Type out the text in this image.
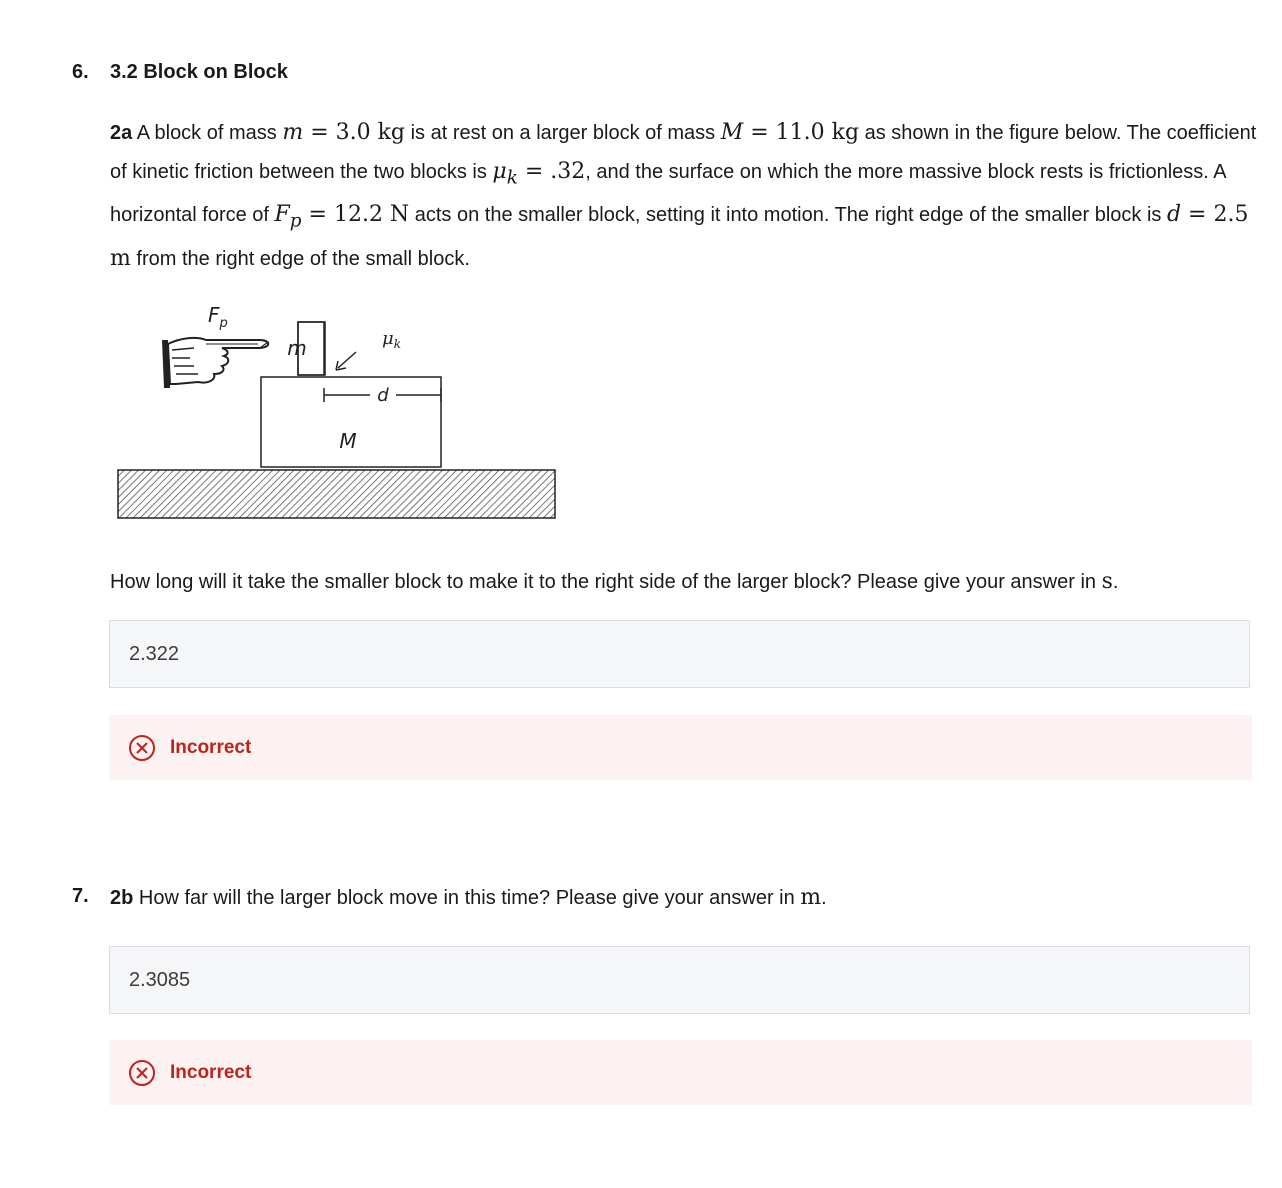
6. 3.2 Block on Block
2a A block of mass m = 3.0 kg is at rest on a larger block of mass M = 11.0 kg as shown in the figure below. The coefficient of kinetic friction between the two blocks is $\mu_k = .32$, and the surface on which the more massive block rests is frictionless. A horizontal force of $F_p = 12.2$ N acts on the smaller block, setting it into motion. The right edge of the smaller block is d = 2.5 m from the right edge of the small block.
M
m
$F_p$
$\mu_k$
d
How long will it take the smaller block to make it to the right side of the larger block? Please give your answer in s.
2.322
Incorrect
7. 2b How far will the larger block move in this time? Please give your answer in m.
2.3085
Incorrect
